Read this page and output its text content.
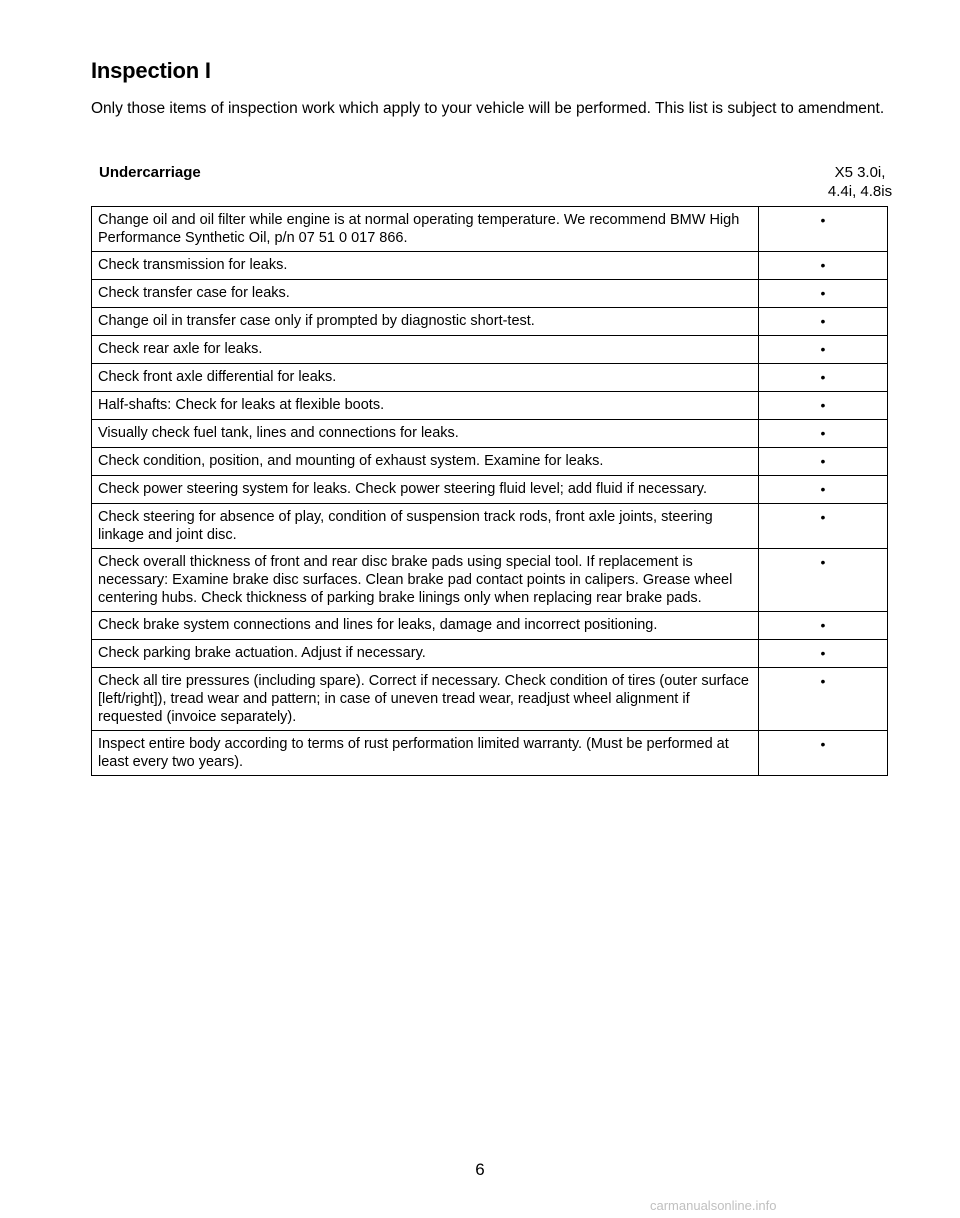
Inspection I

Only those items of inspection work which apply to your vehicle will be performed. This list is subject to amendment.

Undercarriage	X5 3.0i,
4.4i, 4.8is

Change oil and oil filter while engine is at normal operating temperature. We recommend BMW High Performance Synthetic Oil, p/n 07 51 0 017 866.	•
Check transmission for leaks.	•
Check transfer case for leaks.	•
Change oil in transfer case only if prompted by diagnostic short-test.	•
Check rear axle for leaks.	•
Check front axle differential for leaks.	•
Half-shafts: Check for leaks at flexible boots.	•
Visually check fuel tank, lines and connections for leaks.	•
Check condition, position, and mounting of exhaust system. Examine for leaks.	•
Check power steering system for leaks. Check power steering fluid level; add fluid if necessary.	•
Check steering for absence of play, condition of suspension track rods, front axle joints, steering linkage and joint disc.	•
Check overall thickness of front and rear disc brake pads using special tool. If replacement is necessary: Examine brake disc surfaces. Clean brake pad contact points in calipers. Grease wheel centering hubs. Check thickness of parking brake linings only when replacing rear brake pads.	•
Check brake system connections and lines for leaks, damage and incorrect positioning.	•
Check parking brake actuation. Adjust if necessary.	•
Check all tire pressures (including spare). Correct if necessary. Check condition of tires (outer surface [left/right]), tread wear and pattern; in case of uneven tread wear, readjust wheel alignment if requested (invoice separately).	•
Inspect entire body according to terms of rust performation limited warranty. (Must be performed at least every two years).	•

6

carmanualsonline.info
